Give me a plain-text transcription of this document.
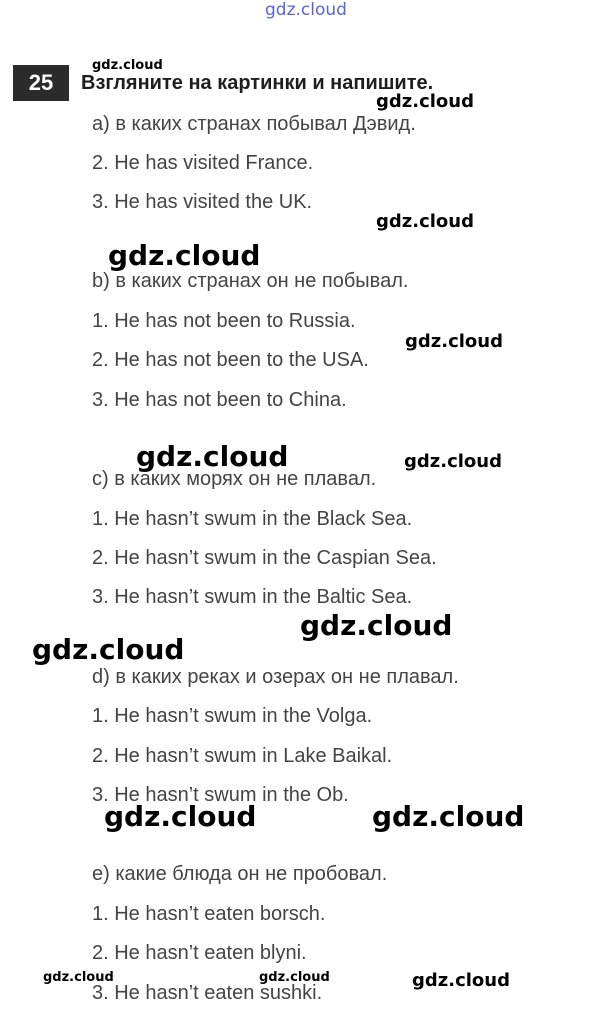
gdz.cloud
gdz.cloud
gdz.cloud
gdz.cloud
gdz.cloud
gdz.cloud
gdz.cloud	gdz.cloud
gdz.cloud
gdz.cloud
gdz.cloud	gdz.cloud
gdz.cloud	gdz.cloud	gdz.cloud
25	Взгляните на картинки и напишите.
a) в каких странах побывал Дэвид.
2. He has visited France.
3. He has visited the UK.
b) в каких странах он не побывал.
1. He has not been to Russia.
2. He has not been to the USA.
3. He has not been to China.
c) в каких морях он не плавал.
1. He hasn’t swum in the Black Sea.
2. He hasn’t swum in the Caspian Sea.
3. He hasn’t swum in the Baltic Sea.
d) в каких реках и озерах он не плавал.
1. He hasn’t swum in the Volga.
2. He hasn’t swum in Lake Baikal.
3. He hasn’t swum in the Ob.
e) какие блюда он не пробовал.
1. He hasn’t eaten borsch.
2. He hasn’t eaten blyni.
3. He hasn’t eaten sushki.
